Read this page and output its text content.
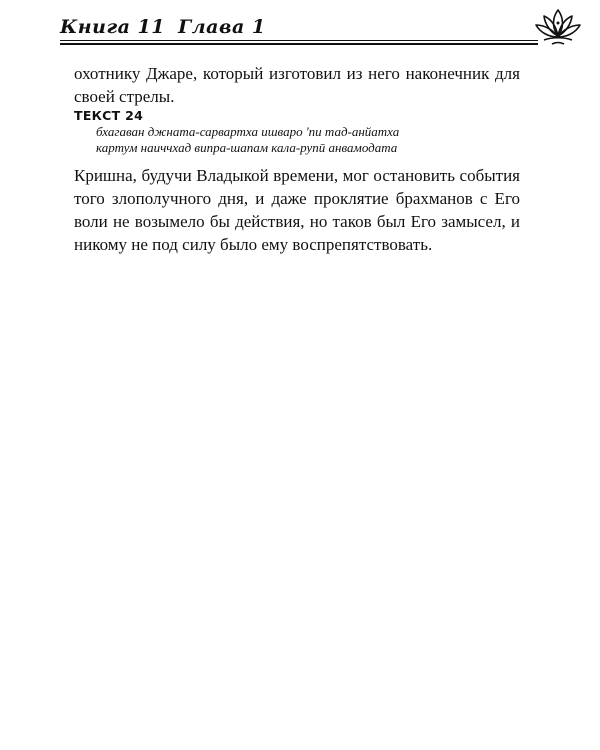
Книга 11 Глава 1
охотнику Джаре, который изготовил из него наконечник для своей стрелы.
ТЕКСТ 24
бхагаван джната-сарвартха ишваро 'пи тад-анйатха
картум наиччхад випра-шапам кала-рупӣ анвамодата
Кришна, будучи Владыкой времени, мог остановить события того злополучного дня, и даже проклятие брахманов с Его воли не возымело бы действия, но таков был Его замысел, и никому не под силу было ему воспрепятствовать.
